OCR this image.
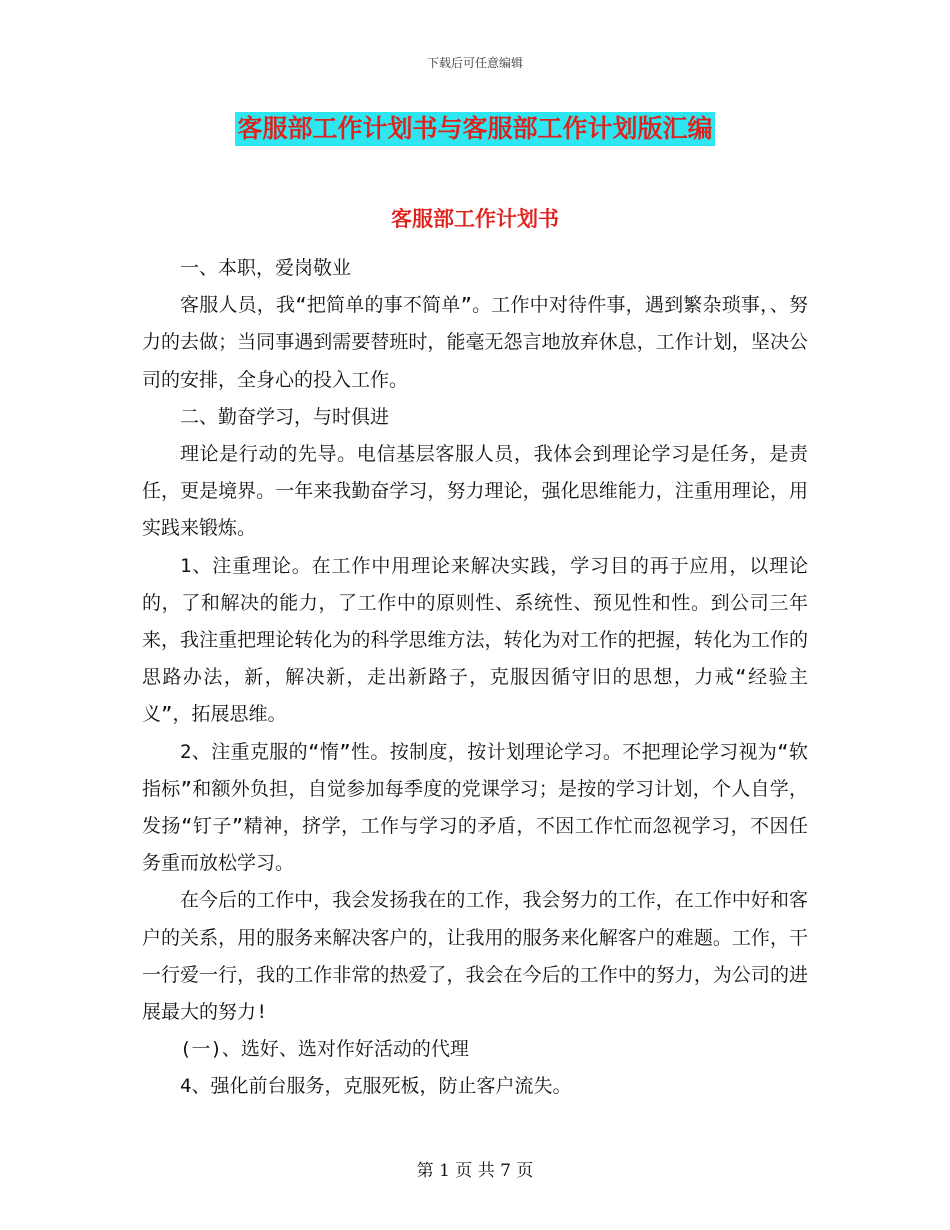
下载后可任意编辑
客服部工作计划书与客服部工作计划版汇编
客服部工作计划书

一、本职，爱岗敬业

客服人员，我“把简单的事不简单”。工作中对待件事，遇到繁杂琐事，、努力的去做；当同事遇到需要替班时，能毫无怨言地放弃休息，工作计划，坚决公司的安排，全身心的投入工作。

二、勤奋学习，与时俱进

理论是行动的先导。电信基层客服人员，我体会到理论学习是任务，是责任，更是境界。一年来我勤奋学习，努力理论，强化思维能力，注重用理论，用实践来锻炼。

1、注重理论。在工作中用理论来解决实践，学习目的再于应用，以理论的，了和解决的能力，了工作中的原则性、系统性、预见性和性。到公司三年来，我注重把理论转化为的科学思维方法，转化为对工作的把握，转化为工作的思路办法，新，解决新，走出新路子，克服因循守旧的思想，力戒“经验主义”，拓展思维。

2、注重克服的“惰”性。按制度，按计划理论学习。不把理论学习视为“软指标”和额外负担，自觉参加每季度的党课学习；是按的学习计划，个人自学，发扬“钉子”精神，挤学，工作与学习的矛盾，不因工作忙而忽视学习，不因任务重而放松学习。

在今后的工作中，我会发扬我在的工作，我会努力的工作，在工作中好和客户的关系，用的服务来解决客户的，让我用的服务来化解客户的难题。工作，干一行爱一行，我的工作非常的热爱了，我会在今后的工作中的努力，为公司的进展最大的努力!

(一)、选好、选对作好活动的代理

4、强化前台服务，克服死板，防止客户流失。

第 1 页 共 7 页
